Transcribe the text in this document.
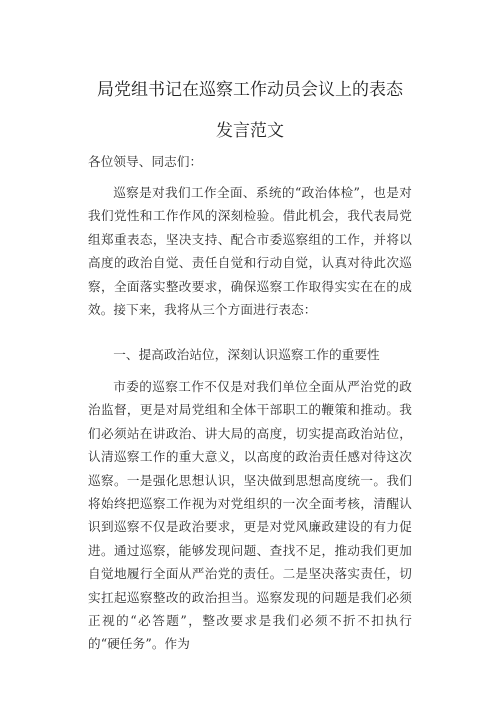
局党组书记在巡察工作动员会议上的表态
发言范文
各位领导、同志们：
巡察是对我们工作全面、系统的“政治体检”，也是对我们党性和工作作风的深刻检验。借此机会，我代表局党组郑重表态，坚决支持、配合市委巡察组的工作，并将以高度的政治自觉、责任自觉和行动自觉，认真对待此次巡察，全面落实整改要求，确保巡察工作取得实实在在的成效。接下来，我将从三个方面进行表态：
一、提高政治站位，深刻认识巡察工作的重要性
市委的巡察工作不仅是对我们单位全面从严治党的政治监督，更是对局党组和全体干部职工的鞭策和推动。我们必须站在讲政治、讲大局的高度，切实提高政治站位，认清巡察工作的重大意义，以高度的政治责任感对待这次巡察。一是强化思想认识，坚决做到思想高度统一。我们将始终把巡察工作视为对党组织的一次全面考核，清醒认识到巡察不仅是政治要求，更是对党风廉政建设的有力促进。通过巡察，能够发现问题、查找不足，推动我们更加自觉地履行全面从严治党的责任。二是坚决落实责任，切实扛起巡察整改的政治担当。巡察发现的问题是我们必须正视的“必答题”，整改要求是我们必须不折不扣执行的“硬任务”。作为
